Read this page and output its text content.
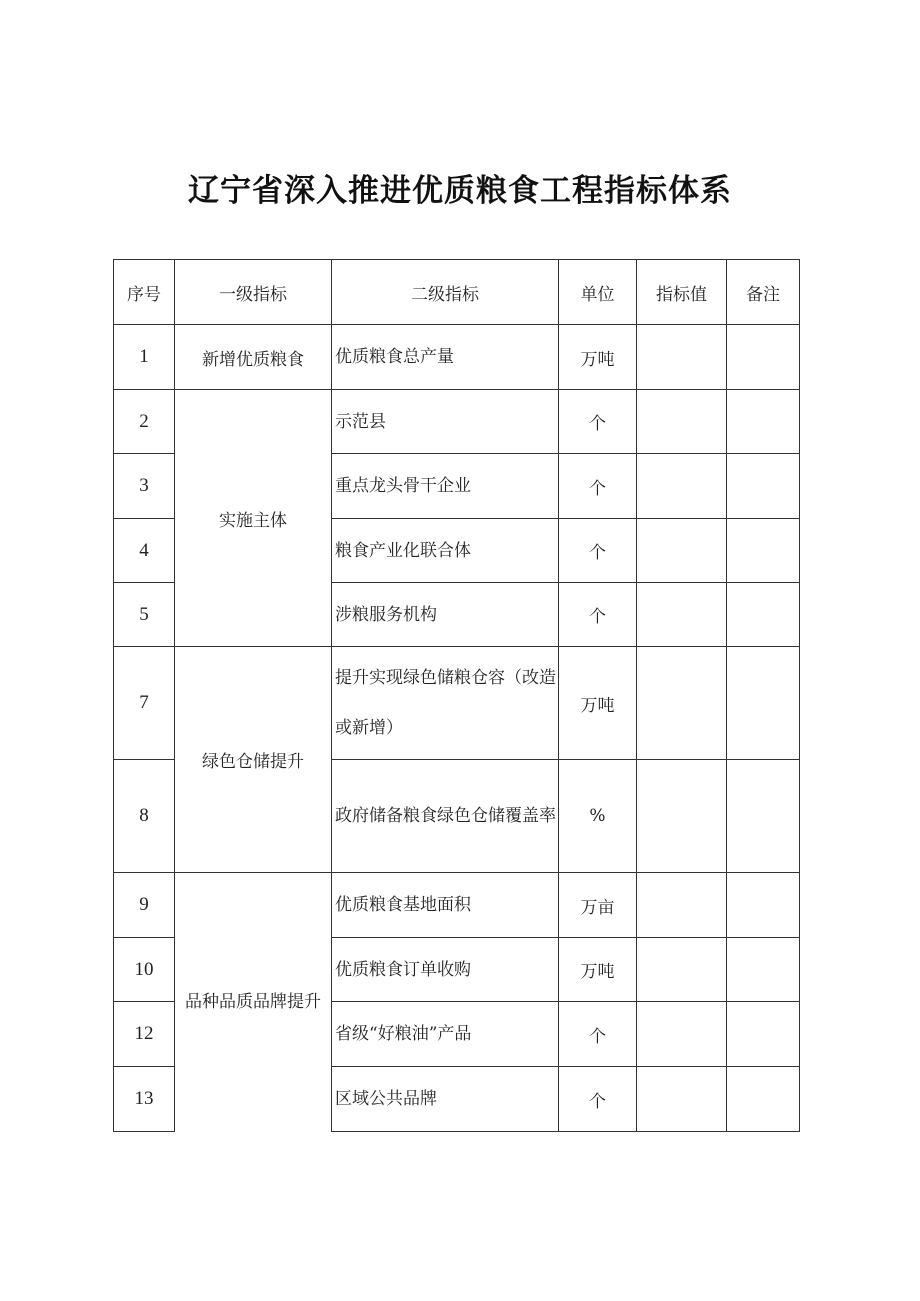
辽宁省深入推进优质粮食工程指标体系
序号	一级指标	二级指标	单位	指标值	备注
1	新增优质粮食	优质粮食总产量	万吨		
2	实施主体	示范县	个		
3		重点龙头骨干企业	个		
4		粮食产业化联合体	个		
5		涉粮服务机构	个		
7	绿色仓储提升	提升实现绿色储粮仓容（改造或新增）	万吨		
8		政府储备粮食绿色仓储覆盖率	%		
9	品种品质品牌提升	优质粮食基地面积	万亩		
10		优质粮食订单收购	万吨		
12		省级“好粮油”产品	个		
13		区域公共品牌	个		
